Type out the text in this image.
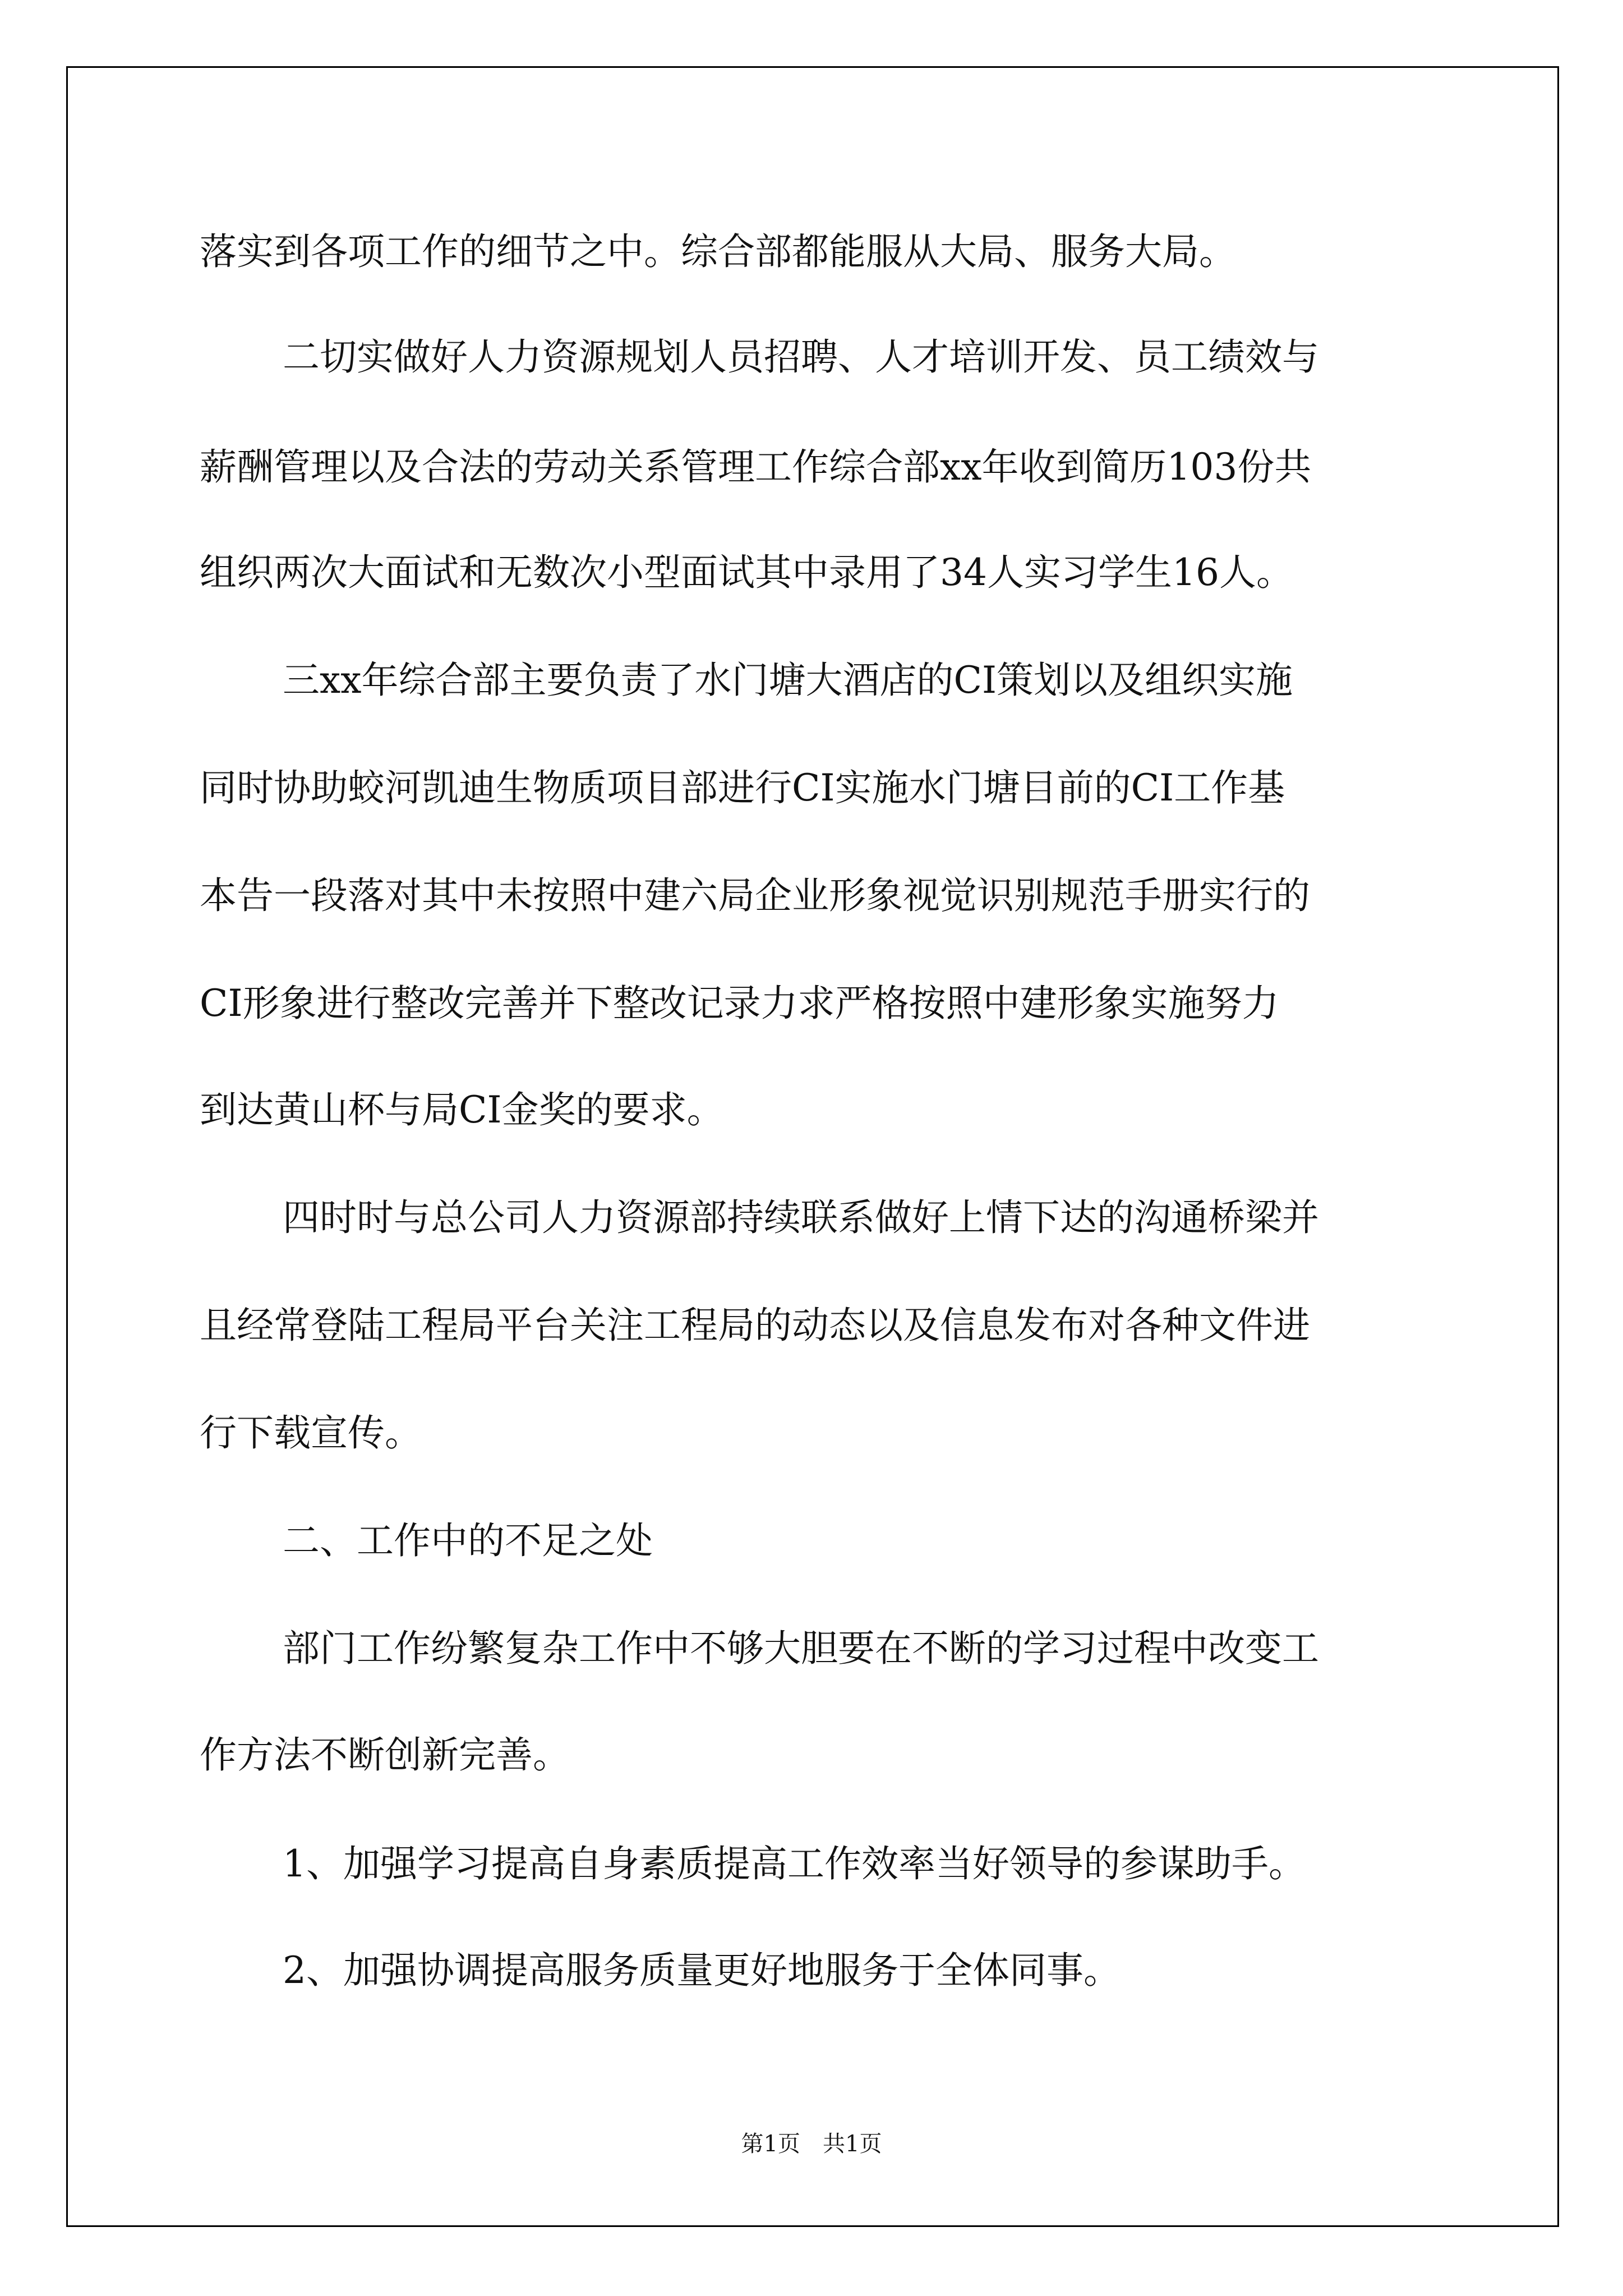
落实到各项工作的细节之中。综合部都能服从大局、服务大局。

二切实做好人力资源规划人员招聘、人才培训开发、员工绩效与

薪酬管理以及合法的劳动关系管理工作综合部xx年收到简历103份共

组织两次大面试和无数次小型面试其中录用了34人实习学生16人。

三xx年综合部主要负责了水门塘大酒店的CI策划以及组织实施

同时协助蛟河凯迪生物质项目部进行CI实施水门塘目前的CI工作基

本告一段落对其中未按照中建六局企业形象视觉识别规范手册实行的

CI形象进行整改完善并下整改记录力求严格按照中建形象实施努力

到达黄山杯与局CI金奖的要求。

四时时与总公司人力资源部持续联系做好上情下达的沟通桥梁并

且经常登陆工程局平台关注工程局的动态以及信息发布对各种文件进

行下载宣传。

二、工作中的不足之处

部门工作纷繁复杂工作中不够大胆要在不断的学习过程中改变工

作方法不断创新完善。

1、加强学习提高自身素质提高工作效率当好领导的参谋助手。

2、加强协调提高服务质量更好地服务于全体同事。

第1页 共1页
